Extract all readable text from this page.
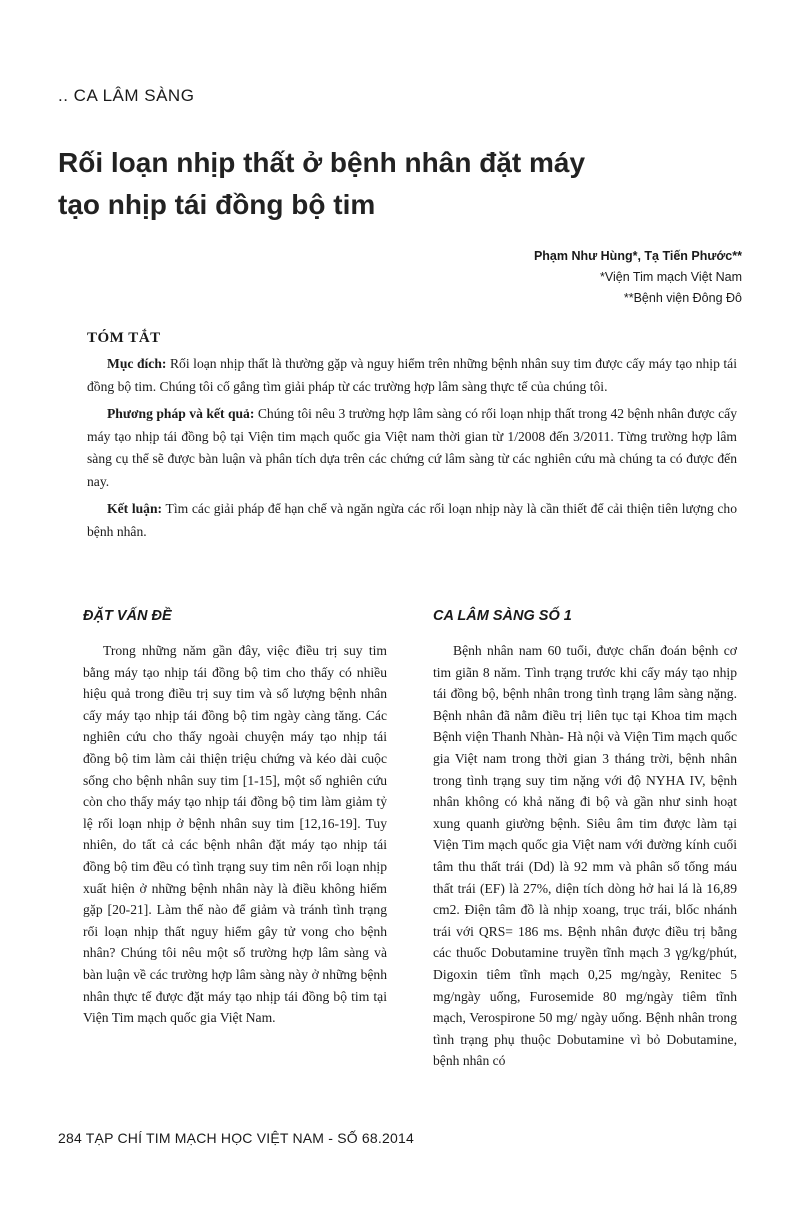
.. CA LÂM SÀNG
Rối loạn nhịp thất ở bệnh nhân đặt máy
tạo nhịp tái đồng bộ tim
Phạm Như Hùng*, Tạ Tiến Phước**
*Viện Tim mạch Việt Nam
**Bệnh viện Đông Đô
TÓM TẮT

Mục đích: Rối loạn nhịp thất là thường gặp và nguy hiểm trên những bệnh nhân suy tim được cấy máy tạo nhịp tái đồng bộ tim. Chúng tôi cố gắng tìm giải pháp từ các trường hợp lâm sàng thực tế của chúng tôi.

Phương pháp và kết quả: Chúng tôi nêu 3 trường hợp lâm sàng có rối loạn nhịp thất trong 42 bệnh nhân được cấy máy tạo nhịp tái đồng bộ tại Viện tim mạch quốc gia Việt nam thời gian từ 1/2008 đến 3/2011. Từng trường hợp lâm sàng cụ thể sẽ được bàn luận và phân tích dựa trên các chứng cứ lâm sàng từ các nghiên cứu mà chúng ta có được đến nay.

Kết luận: Tìm các giải pháp để hạn chế và ngăn ngừa các rối loạn nhịp này là cần thiết để cải thiện tiên lượng cho bệnh nhân.

ĐẶT VẤN ĐỀ

Trong những năm gần đây, việc điều trị suy tim bằng máy tạo nhịp tái đồng bộ tim cho thấy có nhiều hiệu quả trong điều trị suy tim và số lượng bệnh nhân cấy máy tạo nhịp tái đồng bộ tim ngày càng tăng. Các nghiên cứu cho thấy ngoài chuyện máy tạo nhịp tái đồng bộ tim làm cải thiện triệu chứng và kéo dài cuộc sống cho bệnh nhân suy tim [1-15], một số nghiên cứu còn cho thấy máy tạo nhịp tái đồng bộ tim làm giảm tỷ lệ rối loạn nhịp ở bệnh nhân suy tim [12,16-19]. Tuy nhiên, do tất cả các bệnh nhân đặt máy tạo nhịp tái đồng bộ tim đều có tình trạng suy tim nên rối loạn nhịp xuất hiện ở những bệnh nhân này là điều không hiếm gặp [20-21]. Làm thế nào để giảm và tránh tình trạng rối loạn nhịp thất nguy hiểm gây tử vong cho bệnh nhân? Chúng tôi nêu một số trường hợp lâm sàng và bàn luận về các trường hợp lâm sàng này ở những bệnh nhân thực tế được đặt máy tạo nhịp tái đồng bộ tim tại Viện Tim mạch quốc gia Việt Nam.

CA LÂM SÀNG SỐ 1

Bệnh nhân nam 60 tuổi, được chẩn đoán bệnh cơ tim giãn 8 năm. Tình trạng trước khi cấy máy tạo nhịp tái đồng bộ, bệnh nhân trong tình trạng lâm sàng nặng. Bệnh nhân đã nằm điều trị liên tục tại Khoa tim mạch Bệnh viện Thanh Nhàn- Hà nội và Viện Tim mạch quốc gia Việt nam trong thời gian 3 tháng trời, bệnh nhân trong tình trạng suy tim nặng với độ NYHA IV, bệnh nhân không có khả năng đi bộ và gần như sinh hoạt xung quanh giường bệnh. Siêu âm tim được làm tại Viện Tim mạch quốc gia Việt nam với đường kính cuối tâm thu thất trái (Dd) là 92 mm và phân số tống máu thất trái (EF) là 27%, diện tích dòng hở hai lá là 16,89 cm2. Điện tâm đồ là nhịp xoang, trục trái, blốc nhánh trái với QRS= 186 ms. Bệnh nhân được điều trị bằng các thuốc Dobutamine truyền tĩnh mạch 3 γg/kg/phút, Digoxin tiêm tĩnh mạch 0,25 mg/ngày, Renitec 5 mg/ngày uống, Furosemide 80 mg/ngày tiêm tĩnh mạch, Verospirone 50 mg/ ngày uống. Bệnh nhân trong tình trạng phụ thuộc Dobutamine vì bỏ Dobutamine, bệnh nhân có

284 TẠP CHÍ TIM MẠCH HỌC VIỆT NAM - SỐ 68.2014
